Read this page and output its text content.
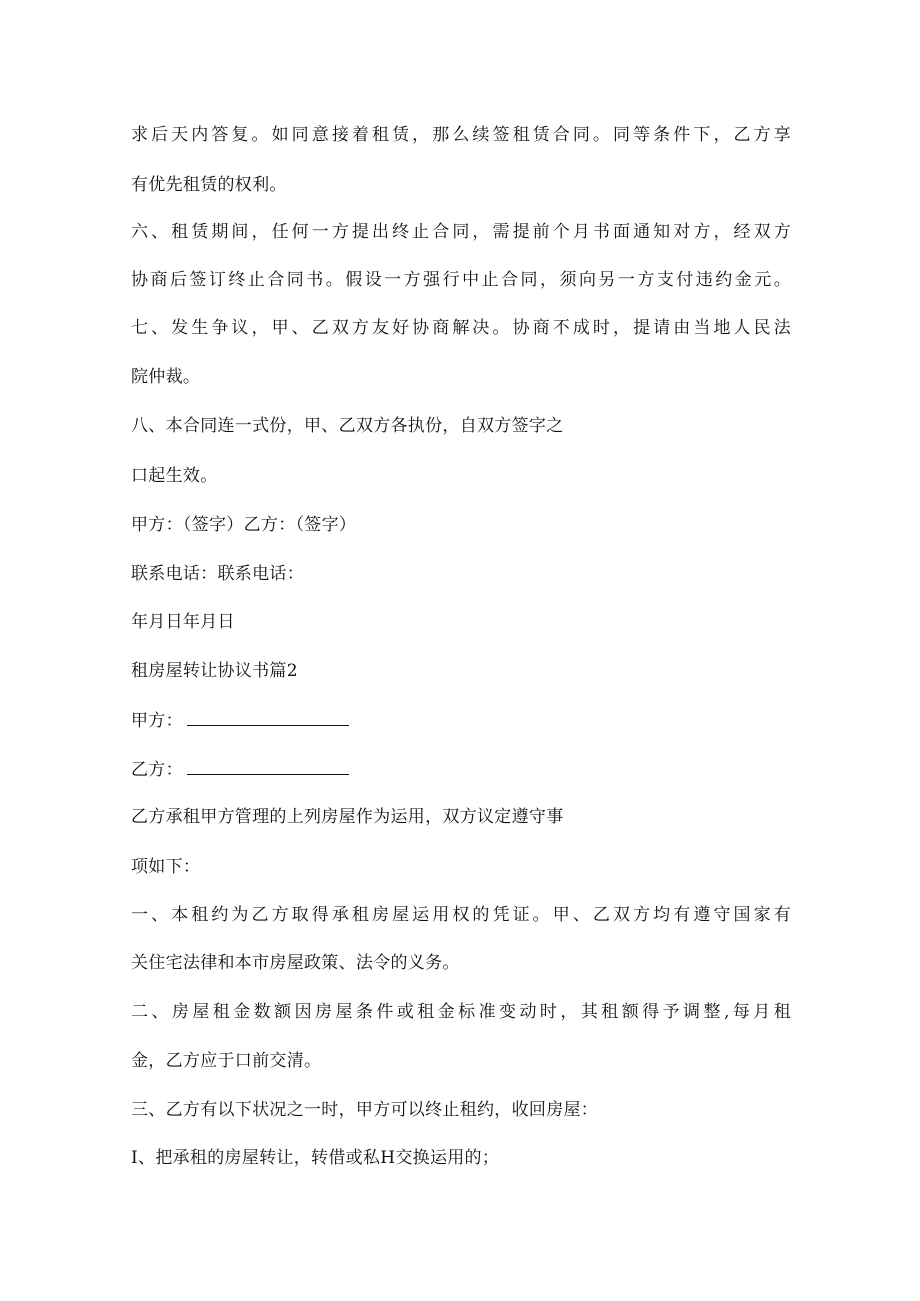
求后天内答复。如同意接着租赁，那么续签租赁合同。同等条件下，乙方享
有优先租赁的权利。
六、租赁期间，任何一方提出终止合同，需提前个月书面通知对方，经双方
协商后签订终止合同书。假设一方强行中止合同，须向另一方支付违约金元。
七、发生争议，甲、乙双方友好协商解决。协商不成时，提请由当地人民法
院仲裁。
八、本合同连一式份，甲、乙双方各执份，自双方签字之
口起生效。
甲方：（签字）乙方：（签字）
联系电话：联系电话：
年月日年月日
租房屋转让协议书篇2
甲方：
乙方：
乙方承租甲方管理的上列房屋作为运用，双方议定遵守事
项如下：
一、本租约为乙方取得承租房屋运用权的凭证。甲、乙双方均有遵守国家有
关住宅法律和本市房屋政策、法令的义务。
二、房屋租金数额因房屋条件或租金标准变动时，其租额得予调整,每月租
金，乙方应于口前交清。
三、乙方有以下状况之一时，甲方可以终止租约，收回房屋：
I、把承租的房屋转让，转借或私H交换运用的；
